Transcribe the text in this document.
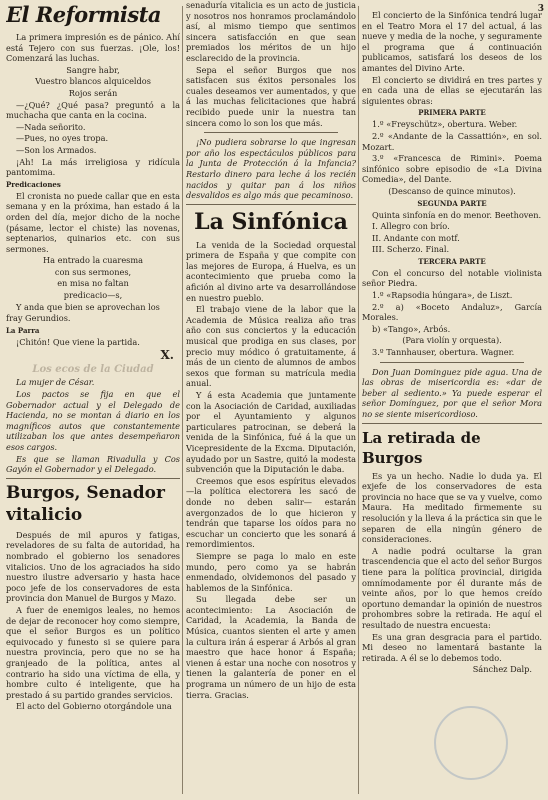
3
El Reformista

La primera impresión es de pánico. Ahí está Tejero con sus fuerzas. ¡Ole, los! Comenzará las luchas.

Sangre habr,

Vuestro blancos alquiceldos

Rojos serán

—¿Qué? ¿Qué pasa? preguntó a la muchacha que canta en la cocina.

—Nada señorito.

—Pues, no oyes tropa.

—Son los Armados.

¡Ah! La más irreligiosa y ridícula pantomima.

Predicaciones

El cronista no puede callar que en esta semana y en la próxima, han estado á la orden del día, mejor dicho de la noche (pásame, lector el chiste) las novenas, septenarios, quinarios etc. con sus sermones.

Ha entrado la cuaresma

con sus sermones,

en misa no faltan

predicacio—s,

Y anda que bien se aprovechan los

fray Gerundios.

La Parra

¡Chitón! Que viene la partida.

X.
Los ecos de la Ciudad

La mujer de César.

Los pactos se fija en que el Gobernador actual y el Delegado de Hacienda, no se montan á diario en los magníficos autos que constantemente utilizaban los que antes desempeñaron esos cargos.

Es que se llaman Rivadulla y Cos Gayón el Gobernador y el Delegado.

Burgos, Senador vitalicio

Después de mil apuros y fatigas, reveladores de su falta de autoridad, ha nombrado el gobierno los senadores vitalicios. Uno de los agraciados ha sido nuestro ilustre adversario y hasta hace poco jefe de los conservadores de esta provincia don Manuel de Burgos y Mazo.

A fuer de enemigos leales, no hemos de dejar de reconocer hoy como siempre, que el señor Burgos es un político equivocado y funesto si se quiere para nuestra provincia, pero que no se ha granjeado de la política, antes al contrario ha sido una víctima de ella, y hombre culto é inteligente, que ha prestado á su partido grandes servicios.

El acto del Gobierno otorgándole una

senaduría vitalicia es un acto de justicia y nosotros nos honramos proclamándolo así, al mismo tiempo que sentimos sincera satisfacción en que sean premiados los méritos de un hijo esclarecido de la provincia.

Sepa el señor Burgos que nos satisfacen sus éxitos personales los cuales deseamos ver aumentados, y que á las muchas felicitaciones que habrá recibido puede unir la nuestra tan sincera como lo son los que más.

¡No pudiera sobrarse lo que ingresan por año los espectáculos públicos para la Junta de Protección á la Infancia? Restarlo dinero para leche á los recién nacidos y quitar pan á los niños desvalidos es algo más que pecaminoso.

La Sinfónica

La venida de la Sociedad orquestal primera de España y que compite con las mejores de Europa, á Huelva, es un acontecimiento que prueba como la afición al divino arte va desarrollándose en nuestro pueblo.

El trabajo viene de la labor que la Academia de Música realiza año tras año con sus conciertos y la educación musical que prodiga en sus clases, por precio muy módico ó gratuitamente, á más de un ciento de alumnos de ambos sexos que forman su matrícula media anual.

Y á esta Academia que juntamente con la Asociación de Caridad, auxiliadas por el Ayuntamiento y algunos particulares patrocinan, se deberá la venida de la Sinfónica, fué á la que un Vicepresidente de la Excma. Diputación, ayudado por un Sastre, quitó la modesta subvención que la Diputación le daba.

Creemos que esos espíritus elevados —la política electorera les sacó de donde no deben salir— estarán avergonzados de lo que hicieron y tendrán que taparse los oídos para no escuchar un concierto que les sonará á remordimientos.

Siempre se paga lo malo en este mundo, pero como ya se habrán enmendado, olvidemonos del pasado y hablemos de la Sinfónica.

Su llegada debe ser un acontecimiento: La Asociación de Caridad, la Academia, la Banda de Música, cuantos sienten el arte y amen la cultura irán á esperar á Arbós al gran maestro que hace honor á España; vienen á estar una noche con nosotros y tienen la galantería de poner en el programa un número de un hijo de esta tierra. Gracias.

El concierto de la Sinfónica tendrá lugar en el Teatro Mora el 17 del actual, á las nueve y media de la noche, y seguramente el programa que á continuación publicamos, satisfará los deseos de los amantes del Divino Arte.

El concierto se dividirá en tres partes y en cada una de ellas se ejecutarán las siguientes obras:

PRIMERA PARTE

1.º «Freyschütz», obertura. Weber.

2.º «Andante de la Cassattión», en sol. Mozart.

3.º «Francesca de Rimini». Poema sinfónico sobre episodio de «La Divina Comedia», del Dante.

(Descanso de quince minutos).

SEGUNDA PARTE

Quinta sinfonía en do menor. Beethoven.

I. Allegro con brío.

II. Andante con motf.

III. Scherzo. Final.

TERCERA PARTE

Con el concurso del notable violinista señor Piedra.

1.º «Rapsodia húngara», de Liszt.

2.º a) «Boceto Andaluz», García Morales.

b) «Tango», Arbós.

(Para violín y orquesta).

3.º Tannhauser, obertura. Wagner.

Don Juan Dominguez pide agua. Una de las obras de misericordia es: «dar de beber al sediento.» Ya puede esperar el señor Domínguez, por que el señor Mora no se siente misericordioso.

La retirada de Burgos

Es ya un hecho. Nadie lo duda ya. El exjefe de los conservadores de esta provincia no hace que se va y vuelve, como Maura. Ha meditado firmemente su resolución y la lleva á la práctica sin que le separen de ella ningún género de consideraciones.

A nadie podrá ocultarse la gran trascendencia que el acto del señor Burgos tiene para la política provincial, dirigida omnímodamente por él durante más de veinte años, por lo que hemos creído oportuno demandar la opinión de nuestros prohombres sobre la retirada. He aquí el resultado de nuestra encuesta:

Es una gran desgracia para el partido. Mi deseo no lamentará bastante la retirada. A él se lo debemos todo.

Sánchez Dalp.
